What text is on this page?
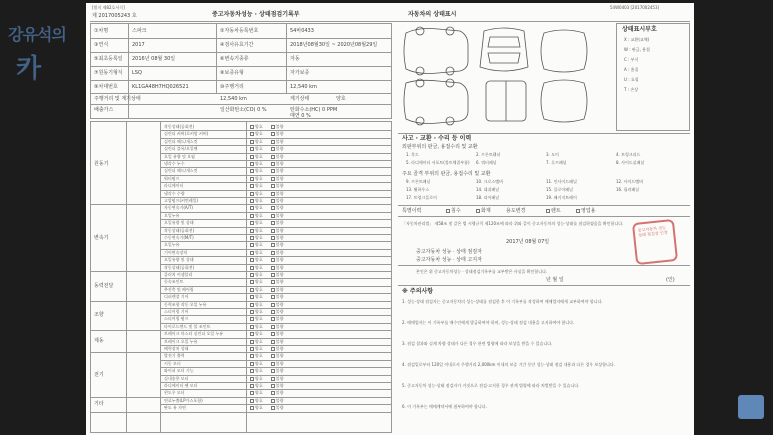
강유석의
카
[별지 제82호서식]	54W0403 [2017002453]
제 2017005243 호	중고자동차성능 · 상태점검기록부	자동차의 상태표시
①차명	스파크	②자동차등록번호	54바0433
③연식	2017	④검사유효기간	2018년08월30일 ~ 2020년08월29일
⑤최초등록일 2016년 08월 30일	⑥변속기종류	자동
⑦원동기형식 LSQ	⑧보증유형	자가보증
⑨차대번호	KL1GA48H7HQ026521	⑩주행거리	12,540 km
주행거리 및 계기상태	12,540 km	계기상태	양호
배출가스	일산화탄소(CO) 0 %	탄화수소(HC) 0 PPM
매연 0 %
원동기
작동상태(공회전)	양호	불량
실린더 커버(로커암 커버)	양호	불량
실린더 헤드/개스킷	양호	불량
실린더 블록/오일팬	양호	불량
오일 유량 및 오염	양호	불량
냉각수 누수	양호	불량
실린더 헤드/개스킷	양호	불량
워터펌프	양호	불량
라디에이터	양호	불량
냉각수 수량	양호	불량
고압펌프(커먼레일)	양호	불량
변속기
자동변속기(A/T)	양호	불량
오일누유	양호	불량
오일유량 및 상태	양호	불량
작동상태(공회전)	양호	불량
수동변속기(M/T)	양호	불량
오일누유	양호	불량
기어변속장치	양호	불량
오일유량 및 상태	양호	불량
작동상태(공회전)	양호	불량
동력전달
클러치 어셈블리	양호	불량
등속조인트	양호	불량
추진축 및 베어링	양호	불량
디퍼렌셜 기어	양호	불량
조향
동력조향 작동 오일 누유	양호	불량
스티어링 기어	양호	불량
스티어링 펌프	양호	불량
타이로드엔드 및 볼 조인트	양호	불량
제동
브레이크 마스터 실린더 오일 누유	양호	불량
브레이크 오일 누유	양호	불량
배력장치 상태	양호	불량
전기
발전기 출력	양호	불량
시동 모터	양호	불량
와이퍼 모터 기능	양호	불량
실내송풍 모터	양호	불량
라디에이터 팬 모터	양호	불량
윈도우 모터	양호	불량
기타
연료누출(LP가스포함)	양호	불량
판도 유 자연	양호	불량
상태표시부호
X : 교환(교체)
W : 판금, 용접
C : 부식
A : 흠집
U : 요철
T : 손상
사고 · 교환 · 수리 등 이력
외판부위의 판금, 용접수리 및 교환
1. 후드	2. 프론트휀더	3. 도어	4. 트렁크리드
5. 라디에이터 서포트(볼트체결부품) 6. 쿼터패널	7. 루프패널	8. 사이드실패널
주요 골격 부위의 판금, 용접수리 및 교환
9. 프론트패널	10. 크로스멤버	11. 인사이드패널	12. 사이드멤버
13. 휠하우스	14. 대쉬패널	15. 플로어패널	16. 필러패널
17. 트렁크플로어	18. 리어패널	19. 패키지트레이
특별이력	침수	화재	용도변경	렌트	영업용
「자동차관리법」 제58조 및 같은 법 시행규칙 제120조에 따라 위와 같이 중고자동차의 성능·상태를 점검하였음을 확인합니다.
2017년 08월 07일
중고자동차 성능 · 상태 점검자
중고자동차 성능 · 상태 고지자
중고자동차 성능상태 점검장 인장
본인은 위 중고자동차성능 · 상태점검기록부를 교부받은 사실을 확인합니다.
년 월 일	(인)
※ 주의사항
1. 성능·상태 점검자는 중고자동차의 성능·상태를 점검한 후 이 기록부를 작성하여 매매업자에게 교부하여야 합니다.
2. 매매업자는 이 기록부를 매수인에게 발급하여야 하며, 성능·상태 점검 내용을 고지하여야 합니다.
3. 점검 결과와 실제 차량 상태가 다른 경우 관련 법령에 따라 보상을 받을 수 있습니다.
4. 점검일로부터 120일 이내로서 주행거리 2,000km 이내의 보증 기간 동안 성능·상태 점검 내용과 다른 경우 보상합니다.
5. 중고자동차 성능·상태 점검자가 거짓으로 점검·고지한 경우 관계 법령에 따라 처벌받을 수 있습니다.
6. 이 기록부는 매매계약서에 첨부하여야 합니다.
